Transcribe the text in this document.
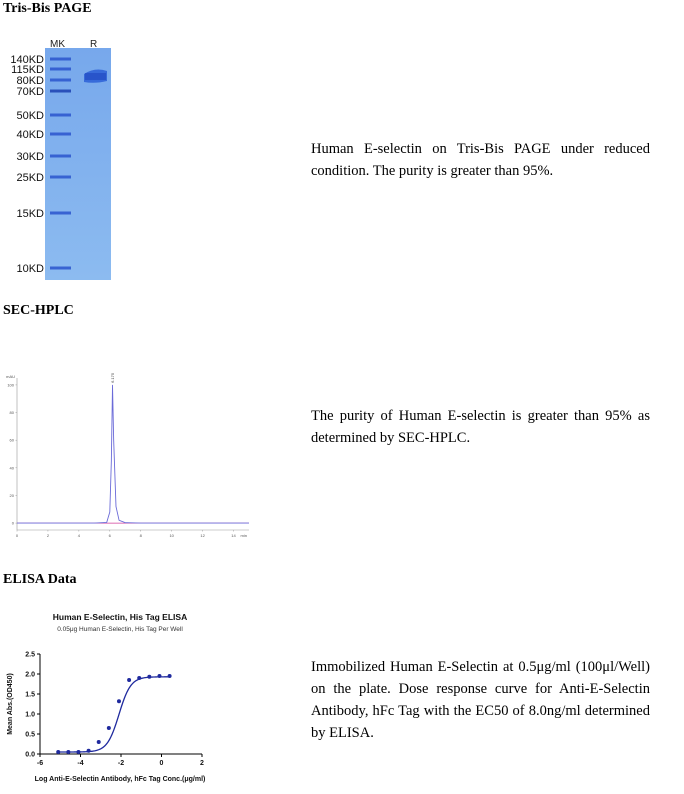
Tris-Bis PAGE
MK	R
140KD
115KD
80KD
70KD
50KD
40KD
30KD
25KD
15KD
10KD
Human E-selectin on Tris-Bis PAGE under reduced condition. The purity is greater than 95%.
SEC-HPLC
mAU
0
20
40
60
80
100
0	2	4	6	8	10	12	14 min
6.175
The purity of Human E-selectin is greater than 95% as determined by SEC-HPLC.
ELISA Data
Human E-Selectin, His Tag ELISA
0.05μg Human E-Selectin, His Tag Per Well
0.0
0.5
1.0
1.5
2.0
2.5
-6	-4	-2	0	2
Log Anti-E-Selectin Antibody, hFc Tag Conc.(μg/ml)
Mean Abs.(OD450)
Immobilized Human E-Selectin at 0.5μg/ml (100μl/Well) on the plate. Dose response curve for Anti-E-Selectin Antibody, hFc Tag with the EC50 of 8.0ng/ml determined by ELISA.
